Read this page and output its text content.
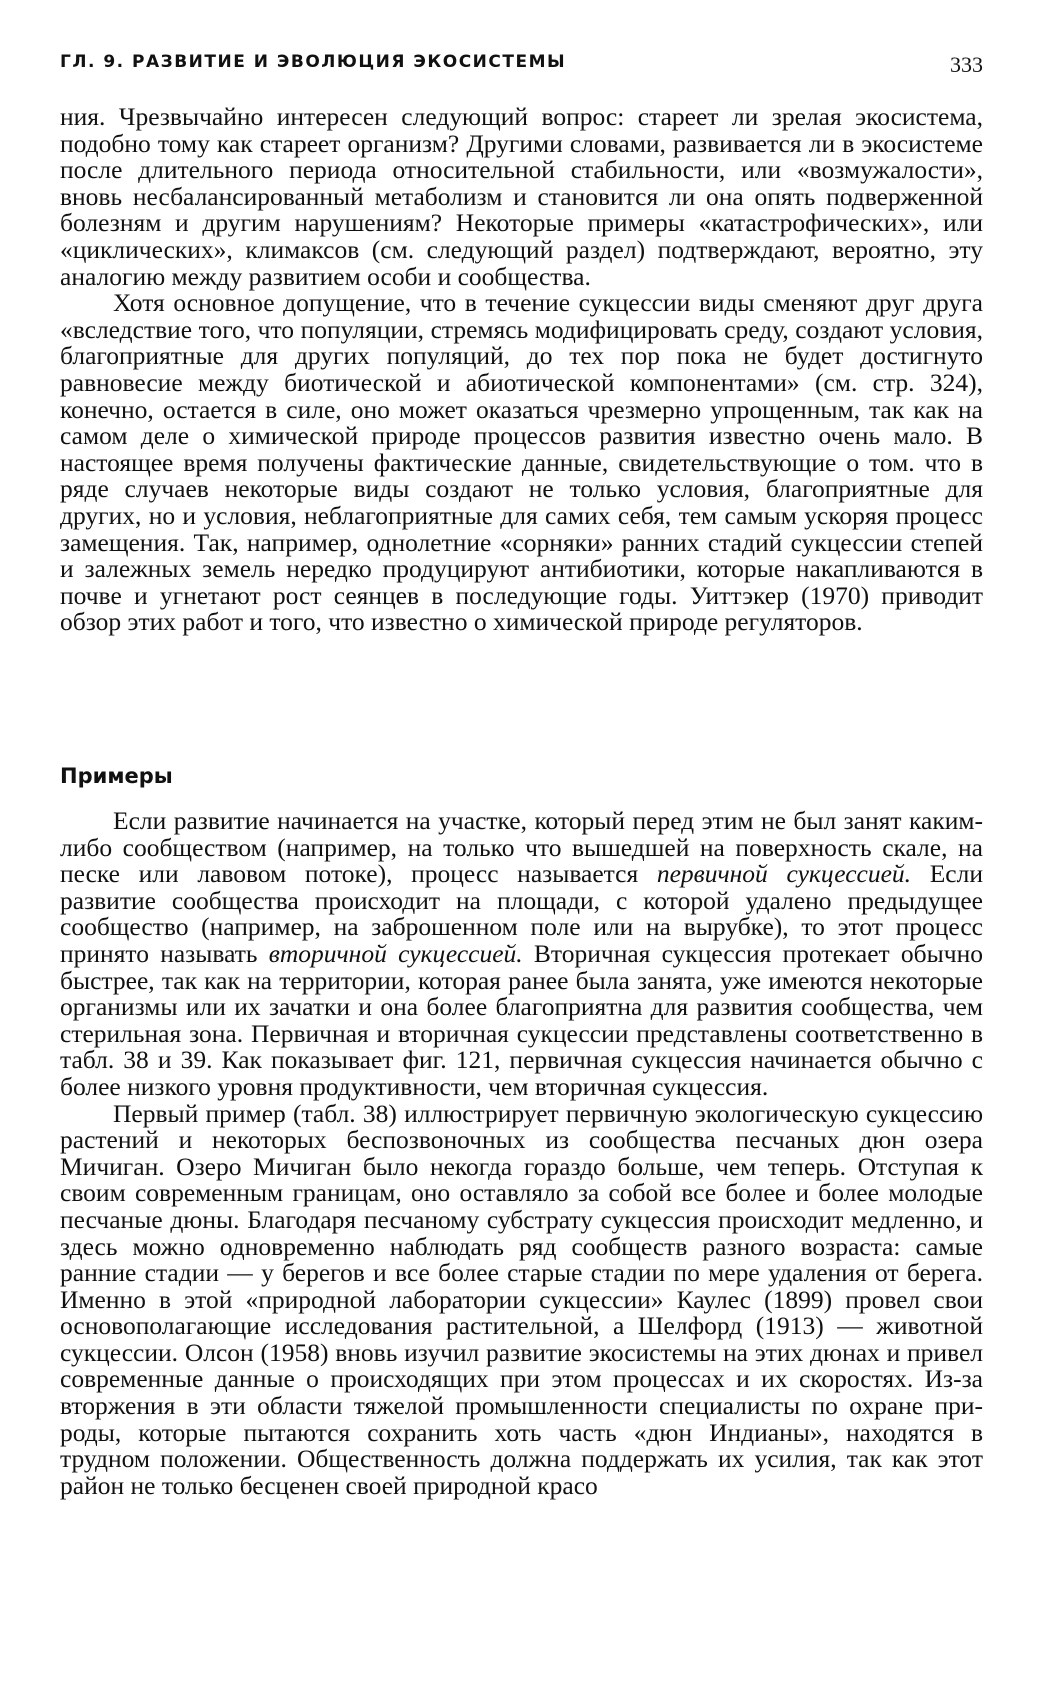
ГЛ. 9. РАЗВИТИЕ И ЭВОЛЮЦИЯ ЭКОСИСТЕМЫ	333

ния. Чрезвычайно интересен следующий вопрос: стареет ли зрелая экосистема, подобно тому как стареет организм? Другими словами, развивается ли в экосистеме после длительного периода относительной стабильности, или «возмужалости», вновь несбалансированный метаболизм и становится ли она опять подверженной болезням и другим нарушениям? Некоторые примеры «катастрофических», или «циклических», климаксов (см. следующий раздел) подтверждают, вероятно, эту аналогию между развитием особи и сообщества.

Хотя основное допущение, что в течение сукцессии виды сменяют друг друга «вследствие того, что популяции, стремясь модифицировать среду, создают условия, благоприятные для других популяций, до тех пор пока не будет достигнуто равновесие между биотической и абиотической компонентами» (см. стр. 324), конечно, остается в силе, оно может оказаться чрезмерно упрощенным, так как на самом деле о химической природе процессов развития известно очень мало. В настоящее время получены фактические данные, свидетельствующие о том. что в ряде случаев некоторые виды создают не только условия, благоприятные для других, но и условия, неблагоприятные для самих себя, тем самым ускоряя процесс замещения. Так, например, однолетние «сорняки» ранних стадий сукцессии степей и залежных земель нередко продуцируют антибиотики, которые накапливаются в почве и угнетают рост сеянцев в последующие годы. Уиттэкер (1970) приводит обзор этих работ и того, что известно о химической природе регуляторов.

Примеры

Если развитие начинается на участке, который перед этим не был занят каким-либо сообществом (например, на только что вышедшей на поверхность скале, на песке или лавовом потоке), процесс называется первичной сукцессией. Если развитие сообщества происходит на площади, с которой удалено предыдущее сообщество (например, на заброшенном поле или на вырубке), то этот процесс принято называть вторичной сукцессией. Вторичная сукцессия протекает обычно быстрее, так как на территории, которая ранее была занята, уже имеются некоторые организмы или их зачатки и она более благоприятна для развития сообщества, чем стерильная зона. Первичная и вторичная сукцессии представлены соответственно в табл. 38 и 39. Как показывает фиг. 121, первичная сукцессия начинается обычно с более низкого уровня продуктивности, чем вторичная сукцессия.

Первый пример (табл. 38) иллюстрирует первичную экологическую сукцессию растений и некоторых беспозвоночных из сообщества песчаных дюн озера Мичиган. Озеро Мичиган было некогда гораздо больше, чем теперь. Отступая к своим современным границам, оно оставляло за собой все более и более молодые песчаные дюны. Благодаря песчаному субстрату сукцессия происходит медленно, и здесь можно одновременно наблюдать ряд сообществ разного возраста: самые ранние стадии — у берегов и все более старые стадии по мере удаления от берега. Именно в этой «природной лаборатории сукцессии» Каулес (1899) провел свои основополагающие исследования растительной, а Шелфорд (1913) — животной сукцессии. Олсон (1958) вновь изучил развитие экосистемы на этих дюнах и привел современные данные о происходящих при этом процессах и их скоростях. Из-за вторжения в эти области тяжелой промышленности специалисты по охране природы, которые пытаются сохранить хоть часть «дюн Индианы», находятся в трудном положении. Общественность должна поддержать их усилия, так как этот район не только бесценен своей природной красо
